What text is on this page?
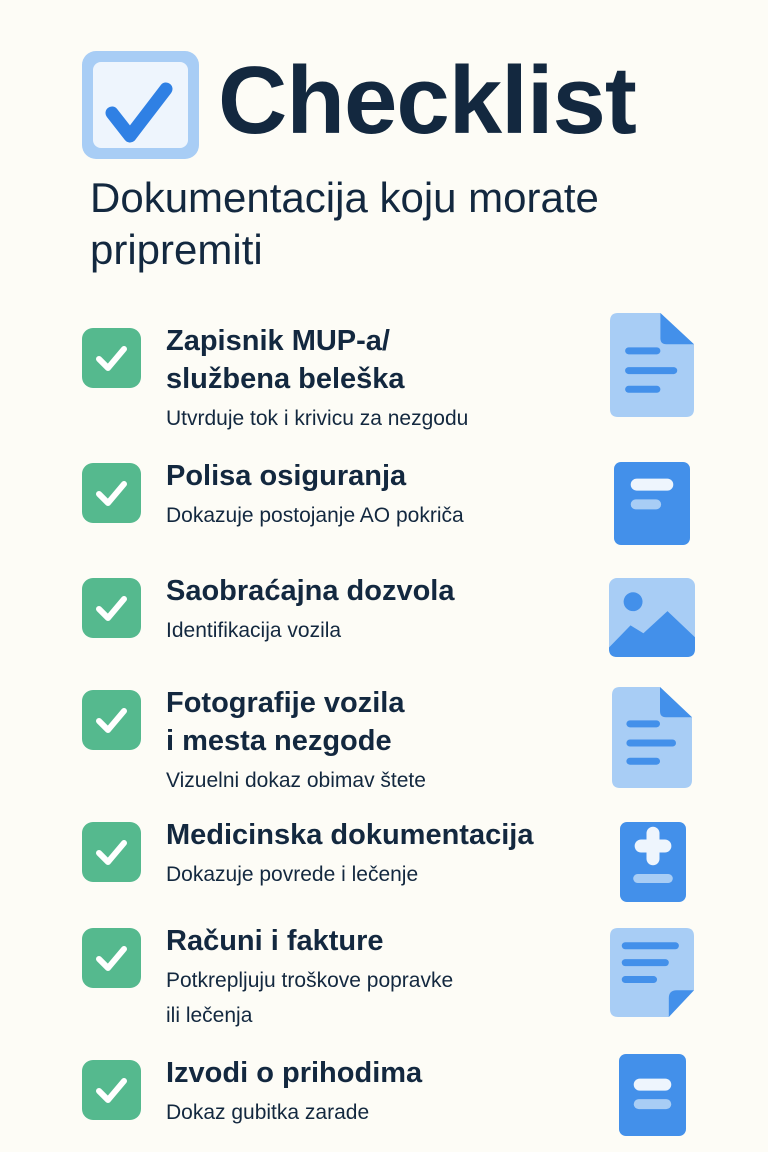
Checklist
Dokumentacija koju morate pripremiti
Zapisnik MUP-a/
službena beleška
Utvrduje tok i krivicu za nezgodu
Polisa osiguranja
Dokazuje postojanje AO pokriča
Saobraćajna dozvola
Identifikacija vozila
Fotografije vozila
i mesta nezgode
Vizuelni dokaz obimav štete
Medicinska dokumentacija
Dokazuje povrede i lečenje
Računi i fakture
Potkrepljuju troškove popravke
ili lečenja
Izvodi o prihodima
Dokaz gubitka zarade
